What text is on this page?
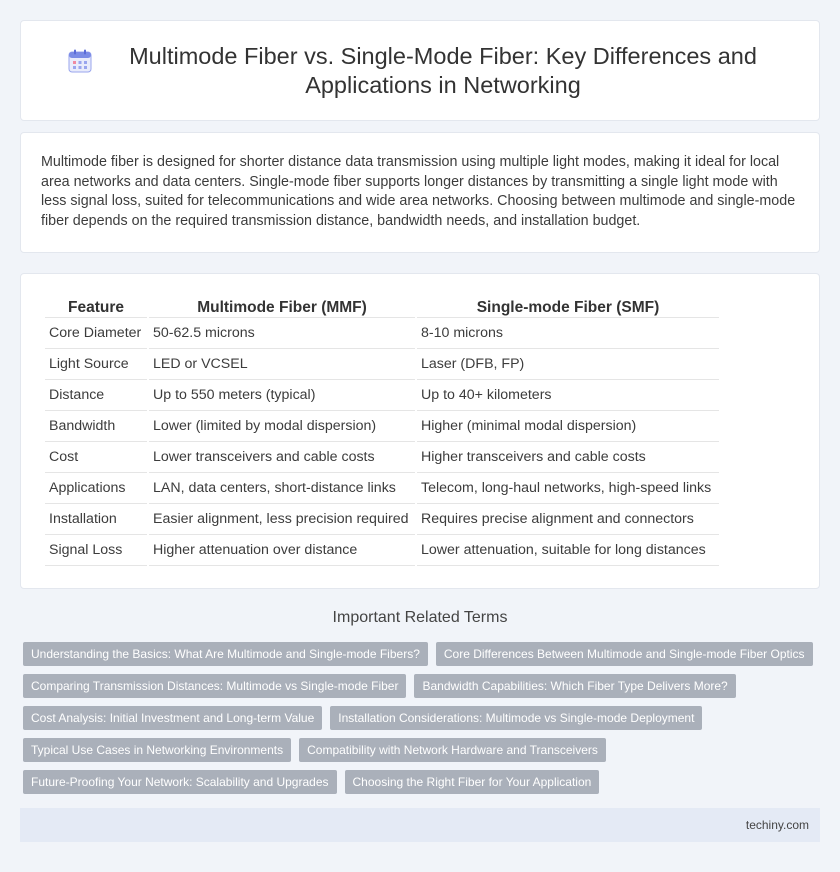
Multimode Fiber vs. Single-Mode Fiber: Key Differences and Applications in Networking

Multimode fiber is designed for shorter distance data transmission using multiple light modes, making it ideal for local area networks and data centers. Single-mode fiber supports longer distances by transmitting a single light mode with less signal loss, suited for telecommunications and wide area networks. Choosing between multimode and single-mode fiber depends on the required transmission distance, bandwidth needs, and installation budget.

Feature	Multimode Fiber (MMF)	Single-mode Fiber (SMF)
Core Diameter	50-62.5 microns	8-10 microns
Light Source	LED or VCSEL	Laser (DFB, FP)
Distance	Up to 550 meters (typical)	Up to 40+ kilometers
Bandwidth	Lower (limited by modal dispersion)	Higher (minimal modal dispersion)
Cost	Lower transceivers and cable costs	Higher transceivers and cable costs
Applications	LAN, data centers, short-distance links	Telecom, long-haul networks, high-speed links
Installation	Easier alignment, less precision required	Requires precise alignment and connectors
Signal Loss	Higher attenuation over distance	Lower attenuation, suitable for long distances
Important Related Terms
Understanding the Basics: What Are Multimode and Single-mode Fibers?	Core Differences Between Multimode and Single-mode Fiber Optics
Comparing Transmission Distances: Multimode vs Single-mode Fiber	Bandwidth Capabilities: Which Fiber Type Delivers More?
Cost Analysis: Initial Investment and Long-term Value	Installation Considerations: Multimode vs Single-mode Deployment
Typical Use Cases in Networking Environments	Compatibility with Network Hardware and Transceivers
Future-Proofing Your Network: Scalability and Upgrades	Choosing the Right Fiber for Your Application
techiny.com
